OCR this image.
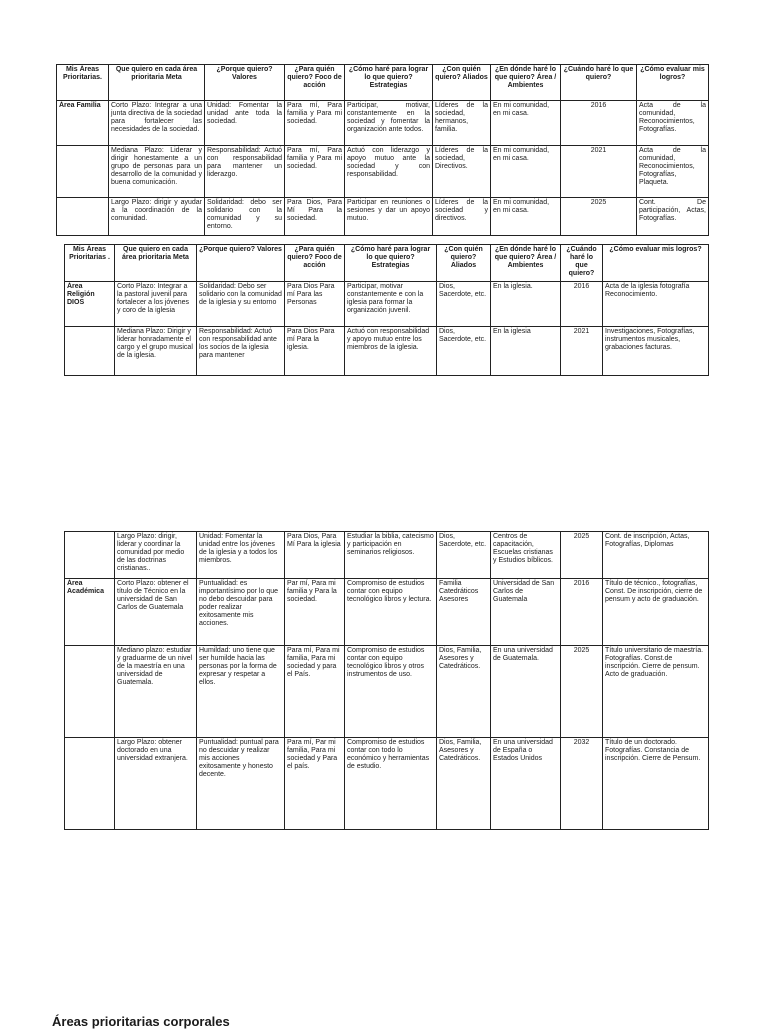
Mis Áreas Prioritarias.	Que quiero en cada área prioritaria Meta	¿Porque quiero? Valores	¿Para quién quiero? Foco de acción	¿Cómo haré para lograr lo que quiero? Estrategias	¿Con quién quiero? Aliados	¿En dónde haré lo que quiero? Área / Ambientes	¿Cuándo haré lo que quiero?	¿Cómo evaluar mis logros?
Área Familia	Corto Plazo: Integrar a una junta directiva de la sociedad para fortalecer las necesidades de la sociedad.	Unidad: Fomentar la unidad ante toda la sociedad.	Para mí, Para familia y Para mi sociedad.	Participar, motivar, constantemente en la sociedad y fomentar la organización ante todos.	Líderes de la sociedad, hermanos, familia.	En mi comunidad, en mi casa.	2016	Acta de la comunidad, Reconocimientos, Fotografías.
	Mediana Plazo: Liderar y dirigir honestamente a un grupo de personas para un desarrollo de la comunidad y buena comunicación.	Responsabilidad: Actuó con responsabilidad para mantener un liderazgo.	Para mí, Para familia y Para mi sociedad.	Actuó con liderazgo y apoyo mutuo ante la sociedad y con responsabilidad.	Líderes de la sociedad, Directivos.	En mi comunidad, en mi casa.	2021	Acta de la comunidad, Reconocimientos, Fotografías, Plaqueta.
	Largo Plazo: dirigir y ayudar a la coordinación de la comunidad.	Solidaridad: debo ser solidario con la comunidad y su entorno.	Para Dios, Para Mí Para la sociedad.	Participar en reuniones o sesiones y dar un apoyo mutuo.	Líderes de la sociedad y directivos.	En mi comunidad, en mi casa.	2025	Cont. De participación, Actas, Fotografías.
Mis Áreas Prioritarias .	Que quiero en cada área prioritaria Meta	¿Porque quiero? Valores	¿Para quién quiero? Foco de acción	¿Cómo haré para lograr lo que quiero? Estrategias	¿Con quién quiero? Aliados	¿En dónde haré lo que quiero? Área / Ambientes	¿Cuándo haré lo que quiero?	¿Cómo evaluar mis logros?
Área Religión DIOS	Corto Plazo: Integrar a la pastoral juvenil para fortalecer a los jóvenes y coro de la iglesia	Solidaridad: Debo ser solidario con la comunidad de la iglesia y su entorno	Para Dios Para mí Para las Personas	Participar, motivar constantemente e con la iglesia para formar la organización juvenil.	Dios, Sacerdote, etc.	En la iglesia.	2016	Acta de la iglesia fotografía Reconocimiento.
	Mediana Plazo: Dirigir y liderar honradamente el cargo y el grupo musical de la iglesia.	Responsabilidad: Actuó con responsabilidad ante los socios de la iglesia para mantener	Para Dios Para mí Para la iglesia.	Actuó con responsabilidad y apoyo mutuo entre los miembros de la iglesia.	Dios, Sacerdote, etc.	En la iglesia	2021	Investigaciones, Fotografías, instrumentos musicales, grabaciones facturas.
	Largo Plazo: dirigir, liderar y coordinar la comunidad por medio de las doctrinas cristianas..	Unidad: Fomentar la unidad entre los jóvenes de la iglesia y a todos los miembros.	Para Dios, Para Mí Para la iglesia	Estudiar la biblia, catecismo y participación en seminarios religiosos.	Dios, Sacerdote, etc.	Centros de capacitación, Escuelas cristianas y Estudios bíblicos.	2025	Cont. de inscripción, Actas, Fotografías, Diplomas
Área Académica	Corto Plazo: obtener el título de Técnico en la universidad de San Carlos de Guatemala	Puntualidad: es importantísimo por lo que no debo descuidar para poder realizar exitosamente mis acciones.	Par mí, Para mi familia y Para la sociedad.	Compromiso de estudios contar con equipo tecnológico libros y lectura.	Familia Catedráticos Asesores	Universidad de San Carlos de Guatemala	2016	Título de técnico., fotografías, Const. De inscripción, cierre de pensum y acto de graduación.
	Mediano plazo: estudiar y graduarme de un nivel de la maestría en una universidad de Guatemala.	Humildad: uno tiene que ser humilde hacia las personas por la forma de expresar y respetar a ellos.	Para mí, Para mi familia, Para mi sociedad y para el País.	Compromiso de estudios contar con equipo tecnológico libros y otros instrumentos de uso.	Dios, Familia, Asesores y Catedráticos.	En una universidad de Guatemala.	2025	Título universitario de maestría. Fotografías. Const.de inscripción. Cierre de pensum. Acto de graduación.
	Largo Plazo: obtener doctorado en una universidad extranjera.	Puntualidad: puntual para no descuidar y realizar mis acciones exitosamente y honesto decente.	Para mí, Par mi familia, Para mi sociedad y Para el país.	Compromiso de estudios contar con todo lo económico y herramientas de estudio.	Dios, Familia, Asesores y Catedráticos.	En una universidad de España o Estados Unidos	2032	Título de un doctorado. Fotografías. Constancia de inscripción. Cierre de Pensum.
Áreas prioritarias corporales
